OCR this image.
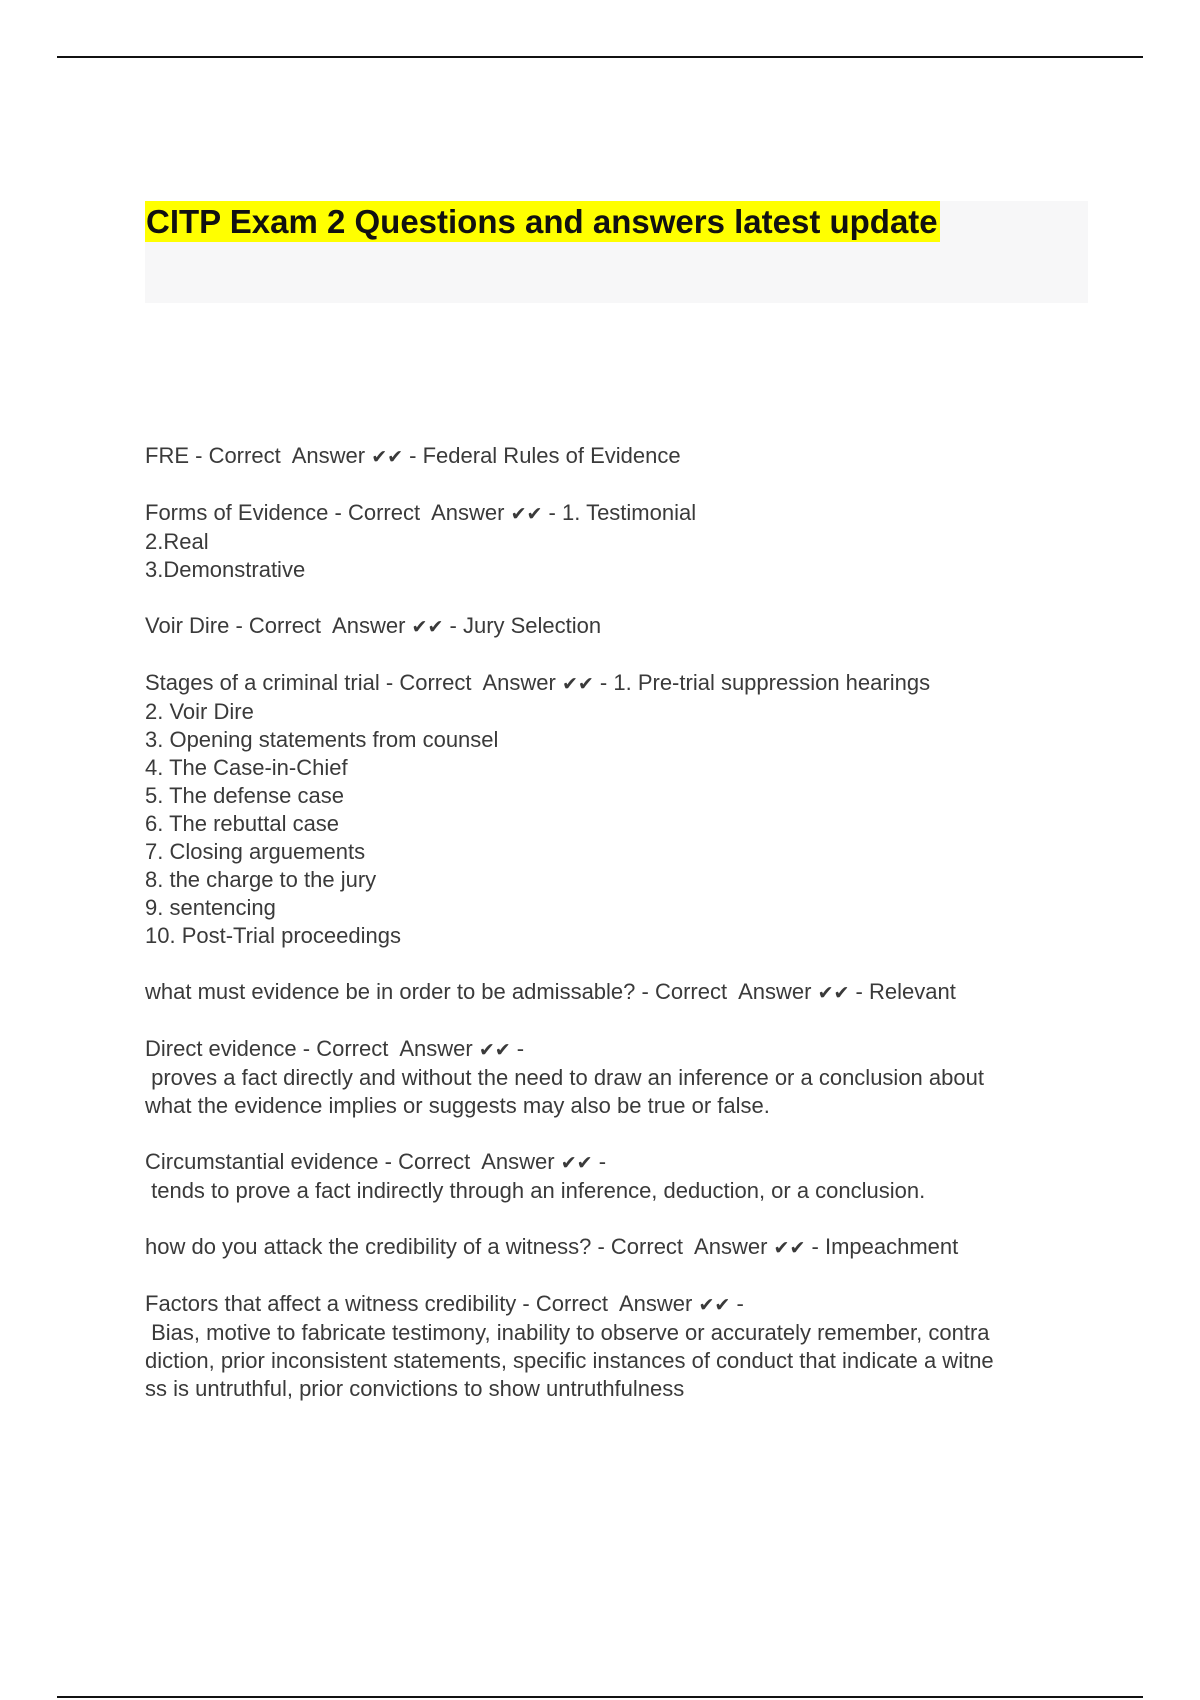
CITP Exam 2 Questions and answers latest update
FRE - Correct  Answer ✔✔ - Federal Rules of Evidence
Forms of Evidence - Correct  Answer ✔✔ - 1. Testimonial
2.Real
3.Demonstrative
Voir Dire - Correct  Answer ✔✔ - Jury Selection
Stages of a criminal trial - Correct  Answer ✔✔ - 1. Pre-trial suppression hearings
2. Voir Dire
3. Opening statements from counsel
4. The Case-in-Chief
5. The defense case
6. The rebuttal case
7. Closing arguements
8. the charge to the jury
9. sentencing
10. Post-Trial proceedings
what must evidence be in order to be admissable? - Correct  Answer ✔✔ - Relevant
Direct evidence - Correct  Answer ✔✔ -
proves a fact directly and without the need to draw an inference or a conclusion about
what the evidence implies or suggests may also be true or false.
Circumstantial evidence - Correct  Answer ✔✔ -
tends to prove a fact indirectly through an inference, deduction, or a conclusion.
how do you attack the credibility of a witness? - Correct  Answer ✔✔ - Impeachment
Factors that affect a witness credibility - Correct  Answer ✔✔ -
Bias, motive to fabricate testimony, inability to observe or accurately remember, contra
diction, prior inconsistent statements, specific instances of conduct that indicate a witne
ss is untruthful, prior convictions to show untruthfulness
